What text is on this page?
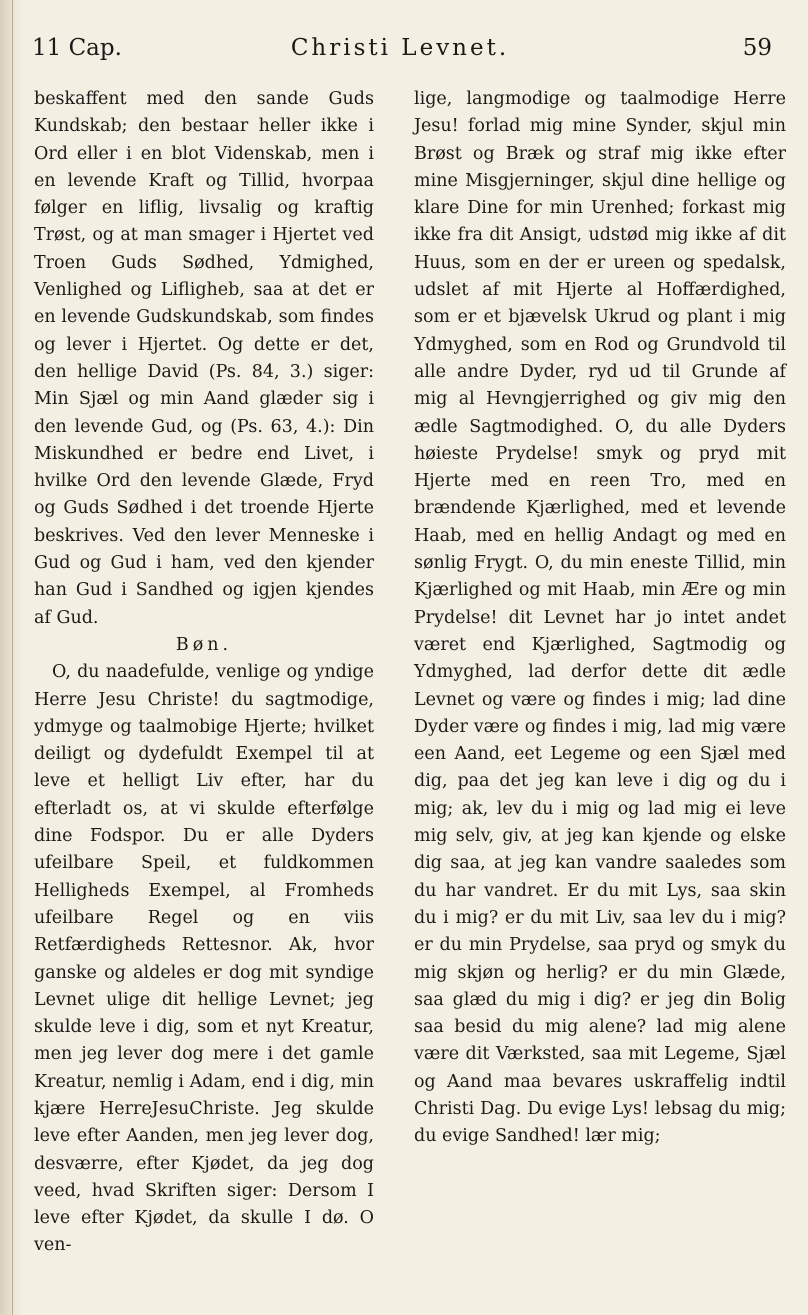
11 Cap.	Christi Levnet.	59

beskaffent med den sande Guds Kundskab; den bestaar heller ikke i Ord eller i en blot Videnskab, men i en levende Kraft og Tillid, hvorpaa følger en liflig, livsalig og kraftig Trøst, og at man smager i Hjertet ved Troen Guds Sødhed, Ydmighed, Venlighed og Lifligheb, saa at det er en levende Gudskundskab, som findes og lever i Hjertet. Og dette er det, den hellige David (Ps. 84, 3.) siger: Min Sjæl og min Aand glæder sig i den levende Gud, og (Ps. 63, 4.): Din Miskundhed er bedre end Livet, i hvilke Ord den levende Glæde, Fryd og Guds Sødhed i det troende Hjerte beskrives. Ved den lever Menneske i Gud og Gud i ham, ved den kjender han Gud i Sandhed og igjen kjendes af Gud.

Bøn.

O, du naadefulde, venlige og yndige Herre Jesu Christe! du sagtmodige, ydmyge og taalmobige Hjerte; hvilket deiligt og dydefuldt Exempel til at leve et helligt Liv efter, har du efterladt os, at vi skulde efterfølge dine Fodspor. Du er alle Dyders ufeilbare Speil, et fuldkommen Helligheds Exempel, al Fromheds ufeilbare Regel og en viis Retfærdigheds Rettesnor. Ak, hvor ganske og aldeles er dog mit syndige Levnet ulige dit hellige Levnet; jeg skulde leve i dig, som et nyt Kreatur, men jeg lever dog mere i det gamle Kreatur, nemlig i Adam, end i dig, min kjære HerreJesuChriste. Jeg skulde leve efter Aanden, men jeg lever dog, desværre, efter Kjødet, da jeg dog veed, hvad Skriften siger: Dersom I leve efter Kjødet, da skulle I dø. O ven-

lige, langmodige og taalmodige Herre Jesu! forlad mig mine Synder, skjul min Brøst og Bræk og straf mig ikke efter mine Misgjerninger, skjul dine hellige og klare Dine for min Urenhed; forkast mig ikke fra dit Ansigt, udstød mig ikke af dit Huus, som en der er ureen og spedalsk, udslet af mit Hjerte al Hoffærdighed, som er et bjævelsk Ukrud og plant i mig Ydmyghed, som en Rod og Grundvold til alle andre Dyder, ryd ud til Grunde af mig al Hevngjerrighed og giv mig den ædle Sagtmodighed. O, du alle Dyders høieste Prydelse! smyk og pryd mit Hjerte med en reen Tro, med en brændende Kjærlighed, med et levende Haab, med en hellig Andagt og med en sønlig Frygt. O, du min eneste Tillid, min Kjærlighed og mit Haab, min Ære og min Prydelse! dit Levnet har jo intet andet været end Kjærlighed, Sagtmodig og Ydmyghed, lad derfor dette dit ædle Levnet og være og findes i mig; lad dine Dyder være og findes i mig, lad mig være een Aand, eet Legeme og een Sjæl med dig, paa det jeg kan leve i dig og du i mig; ak, lev du i mig og lad mig ei leve mig selv, giv, at jeg kan kjende og elske dig saa, at jeg kan vandre saaledes som du har vandret. Er du mit Lys, saa skin du i mig? er du mit Liv, saa lev du i mig? er du min Prydelse, saa pryd og smyk du mig skjøn og herlig? er du min Glæde, saa glæd du mig i dig? er jeg din Bolig saa besid du mig alene? lad mig alene være dit Værksted, saa mit Legeme, Sjæl og Aand maa bevares uskraffelig indtil Christi Dag. Du evige Lys! lebsag du mig; du evige Sandhed! lær mig;
